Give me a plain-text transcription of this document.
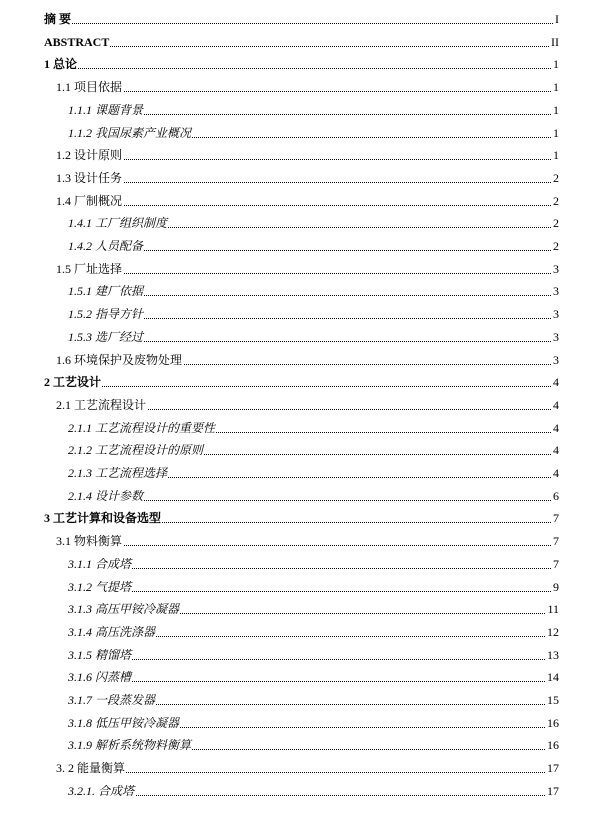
摘 要	I
ABSTRACT	II
1 总论	1
1.1 项目依据	1
1.1.1 课题背景	1
1.1.2 我国尿素产业概况	1
1.2 设计原则	1
1.3 设计任务	2
1.4 厂制概况	2
1.4.1 工厂组织制度	2
1.4.2 人员配备	2
1.5 厂址选择	3
1.5.1 建厂依据	3
1.5.2 指导方针	3
1.5.3 选厂经过	3
1.6 环境保护及废物处理	3
2 工艺设计	4
2.1 工艺流程设计	4
2.1.1 工艺流程设计的重要性	4
2.1.2 工艺流程设计的原则	4
2.1.3 工艺流程选择	4
2.1.4 设计参数	6
3 工艺计算和设备选型	7
3.1 物料衡算	7
3.1.1 合成塔	7
3.1.2 气提塔	9
3.1.3 高压甲铵冷凝器	11
3.1.4 高压洗涤器	12
3.1.5 精馏塔	13
3.1.6 闪蒸槽	14
3.1.7 一段蒸发器	15
3.1.8 低压甲铵冷凝器	16
3.1.9 解析系统物料衡算	16
3. 2 能量衡算	17
3.2.1. 合成塔	17
